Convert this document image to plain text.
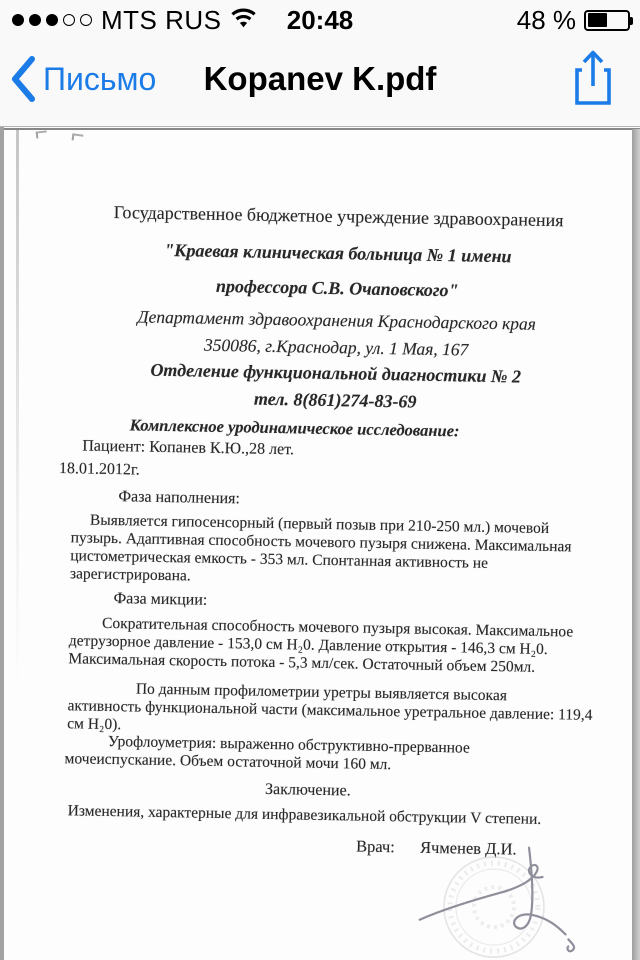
MTS RUS	20:48	48 %
Письмо	Kopanev K.pdf
Государственное бюджетное учреждение здравоохранения
"Краевая клиническая больница № 1 имени
профессора С.В. Очаповского"
Департамент здравоохранения Краснодарского края
350086, г.Краснодар, ул. 1 Мая, 167
Отделение функциональной диагностики № 2
тел. 8(861)274-83-69
Комплексное уродинамическое исследование:
Пациент: Копанев К.Ю.,28 лет.
18.01.2012г.
Фаза наполнения:
Выявляется гипосенсорный (первый позыв при 210-250 мл.) мочевой
пузырь. Адаптивная способность мочевого пузыря снижена. Максимальная
цистометрическая емкость - 353 мл. Спонтанная активность не
зарегистрирована.
Фаза микции:
Сократительная способность мочевого пузыря высокая. Максимальное
детрузорное давление - 153,0 см Н₂0. Давление открытия - 146,3 см Н₂0.
Максимальная скорость потока - 5,3 мл/сек. Остаточный объем 250мл.
По данным профилометрии уретры выявляется высокая
активность функциональной части (максимальное уретральное давление: 119,4
см Н₂0).
Урофлоуметрия: выраженно обструктивно-прерванное
мочеиспускание. Объем остаточной мочи 160 мл.
Заключение.
Изменения, характерные для инфравезикальной обструкции V степени.
Врач: Ячменев Д.И.
